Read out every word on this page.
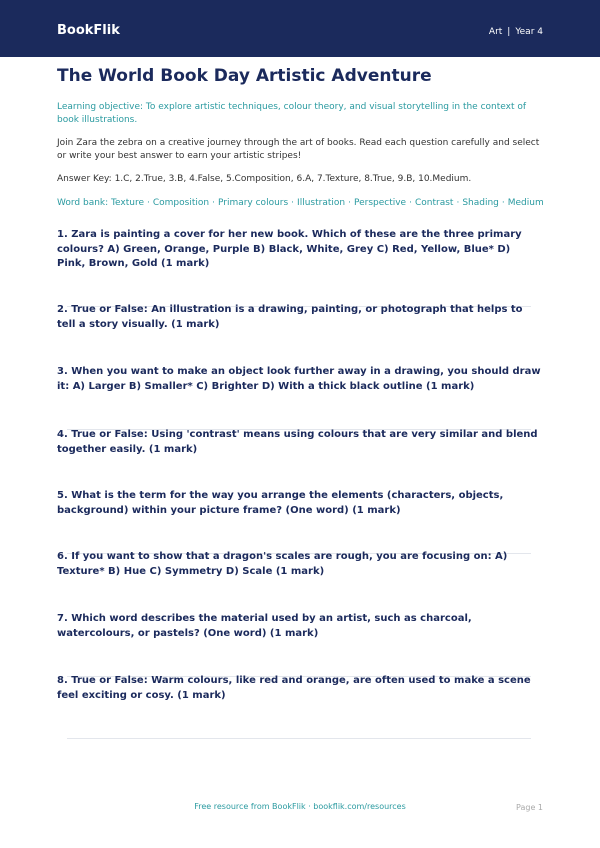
BookFlik	Art | Year 4
The World Book Day Artistic Adventure
Learning objective: To explore artistic techniques, colour theory, and visual storytelling in the context of book illustrations.
Join Zara the zebra on a creative journey through the art of books. Read each question carefully and select or write your best answer to earn your artistic stripes!
Answer Key: 1.C, 2.True, 3.B, 4.False, 5.Composition, 6.A, 7.Texture, 8.True, 9.B, 10.Medium.
Word bank: Texture · Composition · Primary colours · Illustration · Perspective · Contrast · Shading · Medium
1. Zara is painting a cover for her new book. Which of these are the three primary colours? A) Green, Orange, Purple B) Black, White, Grey C) Red, Yellow, Blue* D) Pink, Brown, Gold (1 mark)
2. True or False: An illustration is a drawing, painting, or photograph that helps to tell a story visually. (1 mark)
3. When you want to make an object look further away in a drawing, you should draw it: A) Larger B) Smaller* C) Brighter D) With a thick black outline (1 mark)
4. True or False: Using 'contrast' means using colours that are very similar and blend together easily. (1 mark)
5. What is the term for the way you arrange the elements (characters, objects, background) within your picture frame? (One word) (1 mark)
6. If you want to show that a dragon's scales are rough, you are focusing on: A) Texture* B) Hue C) Symmetry D) Scale (1 mark)
7. Which word describes the material used by an artist, such as charcoal, watercolours, or pastels? (One word) (1 mark)
8. True or False: Warm colours, like red and orange, are often used to make a scene feel exciting or cosy. (1 mark)
Free resource from BookFlik · bookflik.com/resources	Page 1
